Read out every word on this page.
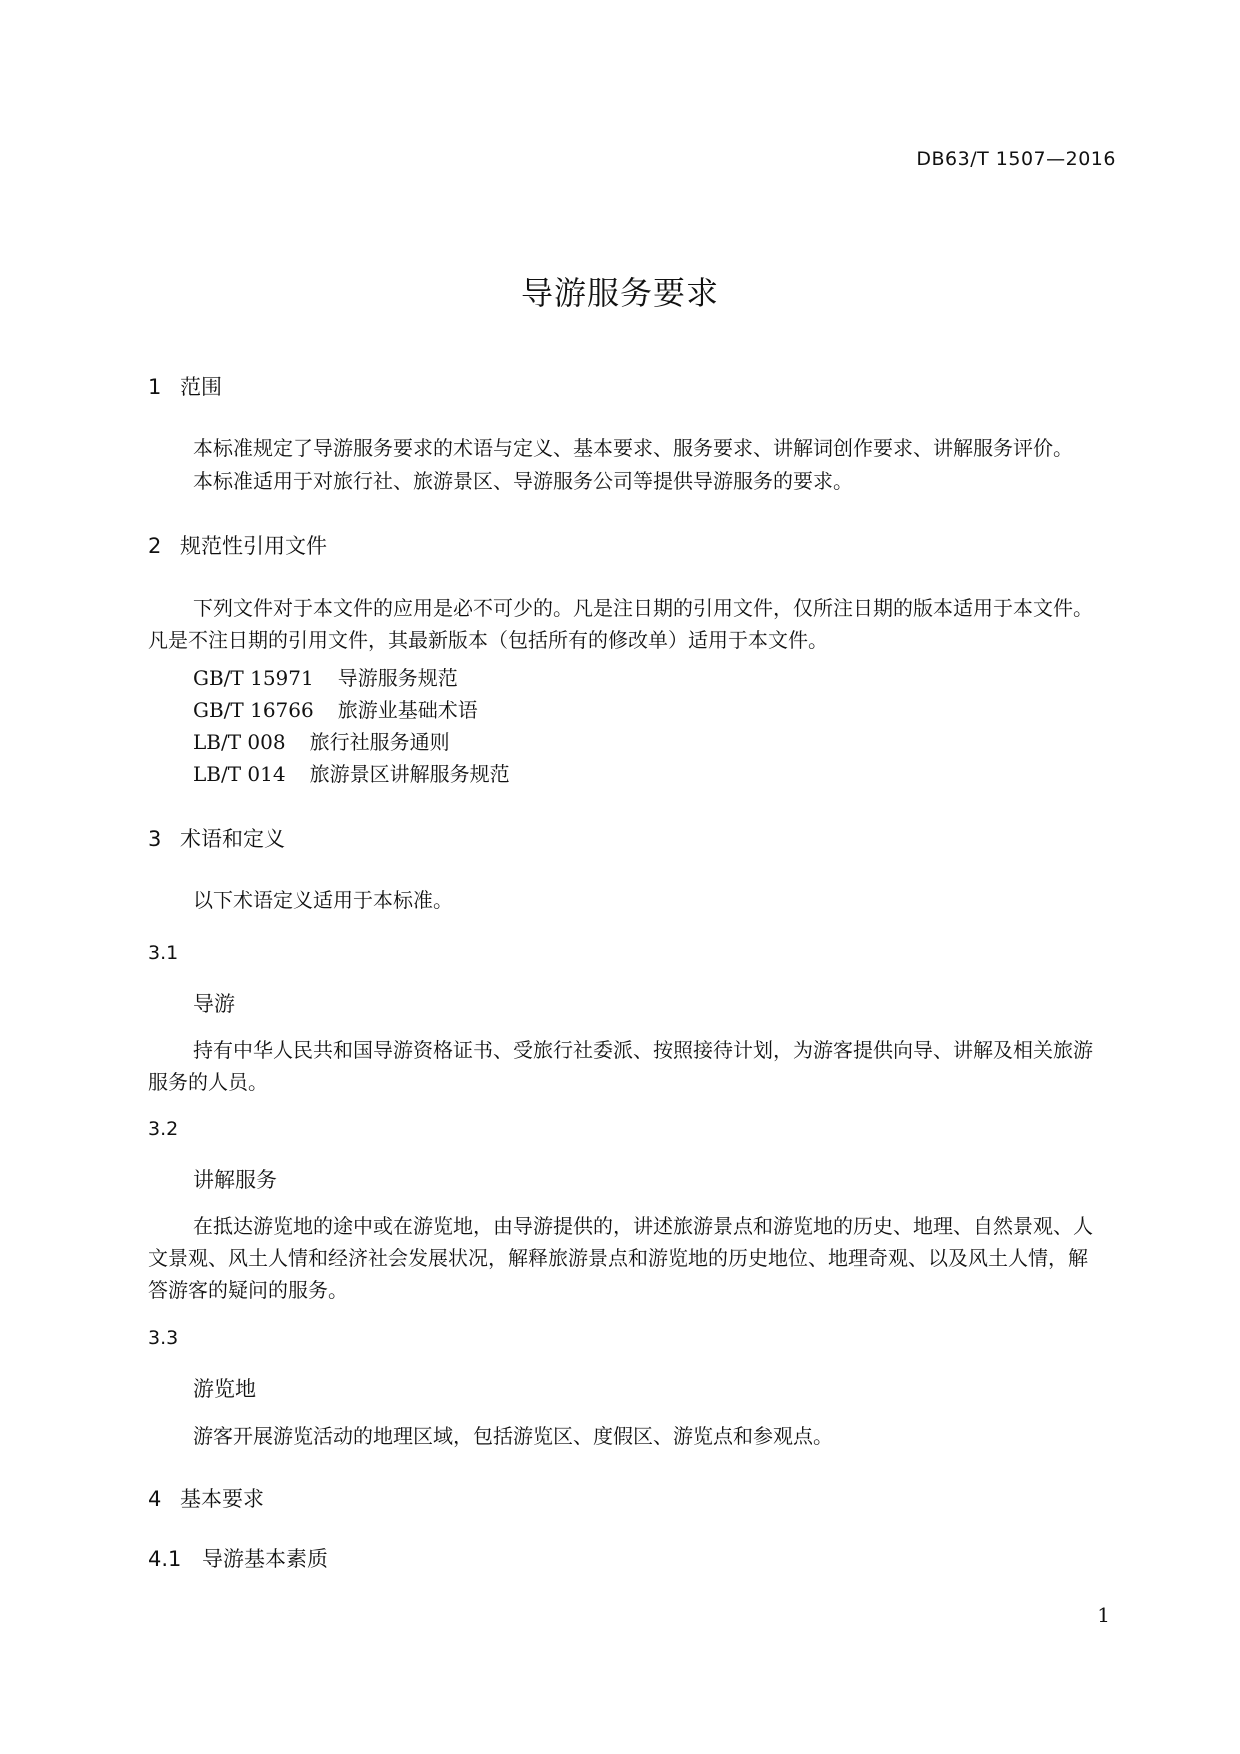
DB63/T 1507—2016
导游服务要求
1 范围

本标准规定了导游服务要求的术语与定义、基本要求、服务要求、讲解词创作要求、讲解服务评价。

本标准适用于对旅行社、旅游景区、导游服务公司等提供导游服务的要求。

2 规范性引用文件

下列文件对于本文件的应用是必不可少的。凡是注日期的引用文件，仅所注日期的版本适用于本文件。凡是不注日期的引用文件，其最新版本（包括所有的修改单）适用于本文件。

GB/T 15971 导游服务规范
GB/T 16766 旅游业基础术语
LB/T 008 旅行社服务通则
LB/T 014 旅游景区讲解服务规范
3 术语和定义

以下术语定义适用于本标准。

3.1
导游

持有中华人民共和国导游资格证书、受旅行社委派、按照接待计划，为游客提供向导、讲解及相关旅游服务的人员。

3.2
讲解服务

在抵达游览地的途中或在游览地，由导游提供的，讲述旅游景点和游览地的历史、地理、自然景观、人文景观、风土人情和经济社会发展状况，解释旅游景点和游览地的历史地位、地理奇观、以及风土人情，解答游客的疑问的服务。

3.3
游览地

游客开展游览活动的地理区域，包括游览区、度假区、游览点和参观点。

4 基本要求
4.1 导游基本素质
1
